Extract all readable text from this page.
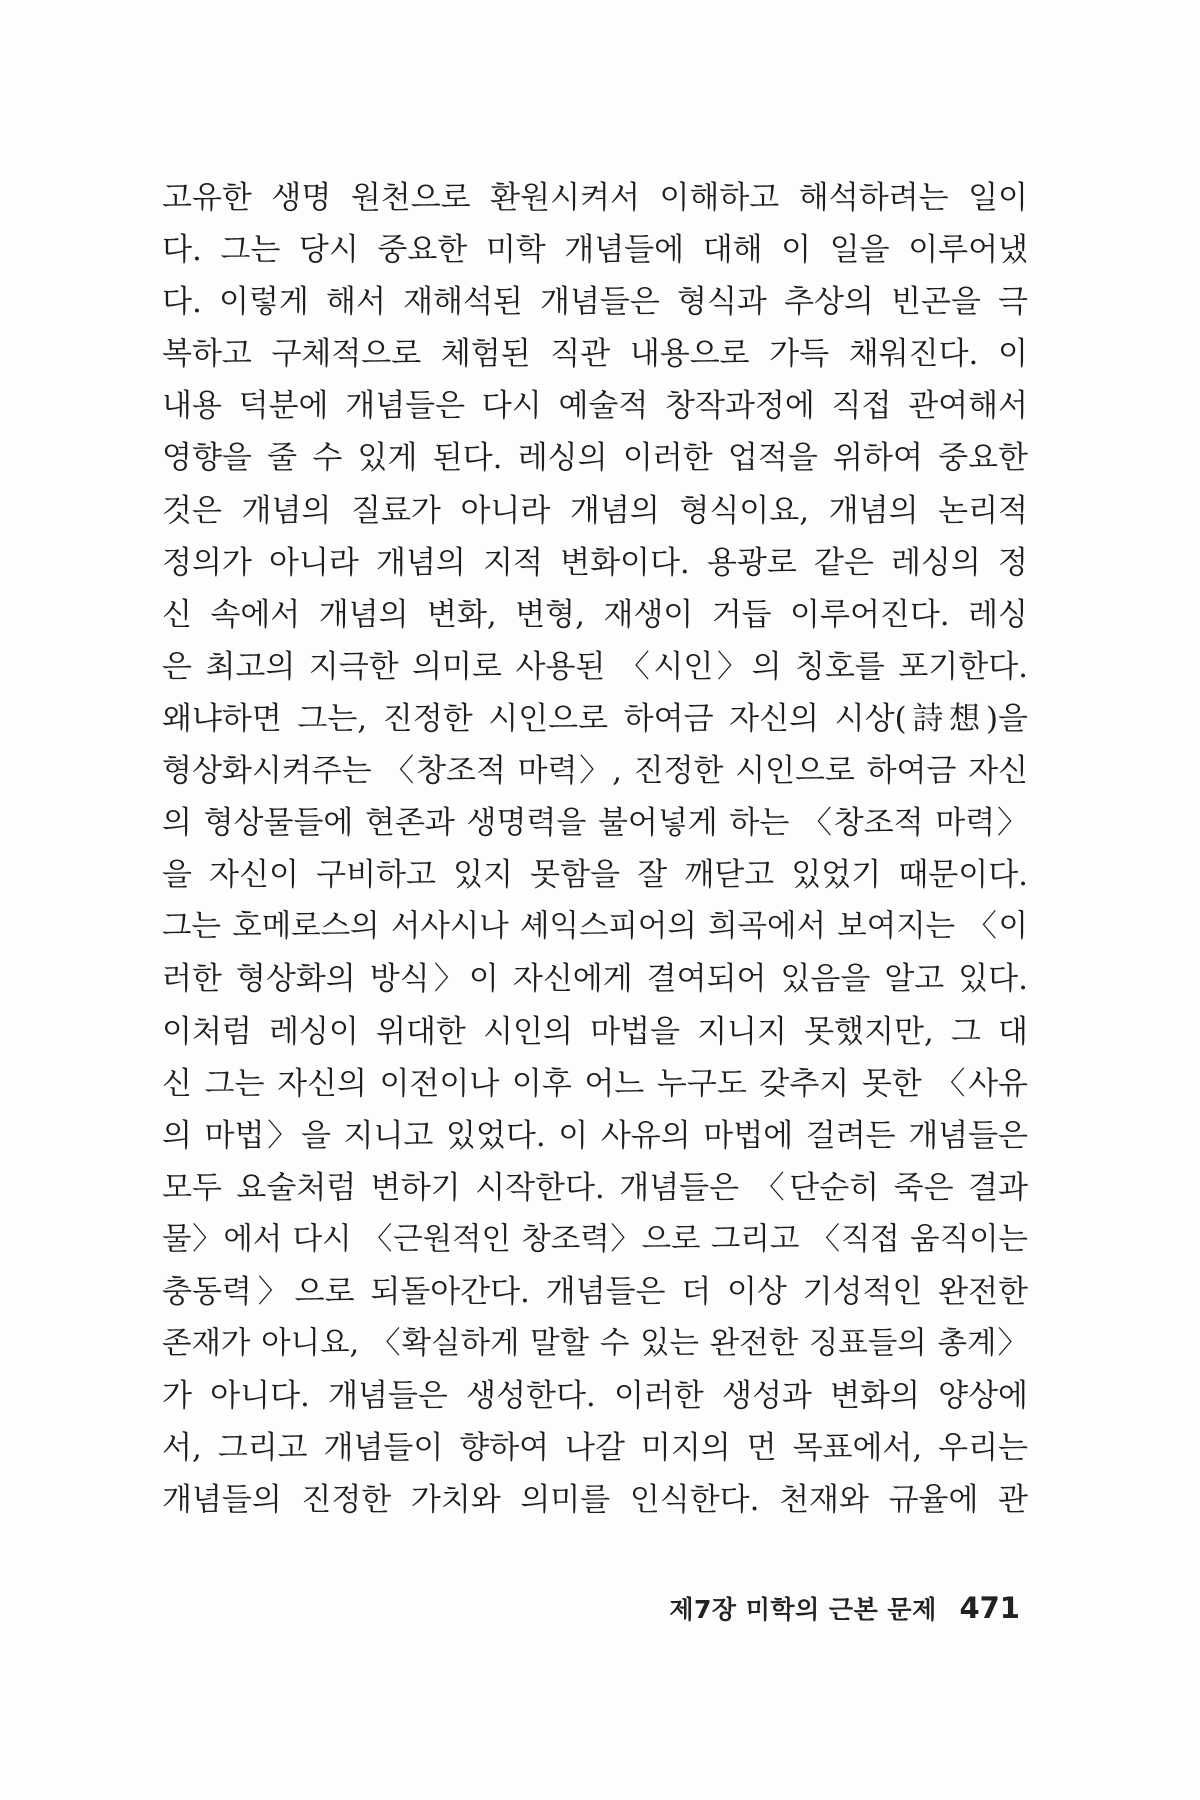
고유한 생명 원천으로 환원시켜서 이해하고 해석하려는 일이
다. 그는 당시 중요한 미학 개념들에 대해 이 일을 이루어냈
다. 이렇게 해서 재해석된 개념들은 형식과 추상의 빈곤을 극
복하고 구체적으로 체험된 직관 내용으로 가득 채워진다. 이
내용 덕분에 개념들은 다시 예술적 창작과정에 직접 관여해서
영향을 줄 수 있게 된다. 레싱의 이러한 업적을 위하여 중요한
것은 개념의 질료가 아니라 개념의 형식이요, 개념의 논리적
정의가 아니라 개념의 지적 변화이다. 용광로 같은 레싱의 정
신 속에서 개념의 변화, 변형, 재생이 거듭 이루어진다. 레싱
은 최고의 지극한 의미로 사용된 〈시인〉의 칭호를 포기한다.
왜냐하면 그는, 진정한 시인으로 하여금 자신의 시상(詩想)을
형상화시켜주는 〈창조적 마력〉, 진정한 시인으로 하여금 자신
의 형상물들에 현존과 생명력을 불어넣게 하는 〈창조적 마력〉
을 자신이 구비하고 있지 못함을 잘 깨닫고 있었기 때문이다.
그는 호메로스의 서사시나 셰익스피어의 희곡에서 보여지는 〈이
러한 형상화의 방식〉이 자신에게 결여되어 있음을 알고 있다.
이처럼 레싱이 위대한 시인의 마법을 지니지 못했지만, 그 대
신 그는 자신의 이전이나 이후 어느 누구도 갖추지 못한 〈사유
의 마법〉을 지니고 있었다. 이 사유의 마법에 걸려든 개념들은
모두 요술처럼 변하기 시작한다. 개념들은 〈단순히 죽은 결과
물〉에서 다시 〈근원적인 창조력〉으로 그리고 〈직접 움직이는
충동력〉으로 되돌아간다. 개념들은 더 이상 기성적인 완전한
존재가 아니요, 〈확실하게 말할 수 있는 완전한 징표들의 총계〉
가 아니다. 개념들은 생성한다. 이러한 생성과 변화의 양상에
서, 그리고 개념들이 향하여 나갈 미지의 먼 목표에서, 우리는
개념들의 진정한 가치와 의미를 인식한다. 천재와 규율에 관
제7장 미학의 근본 문제 471
